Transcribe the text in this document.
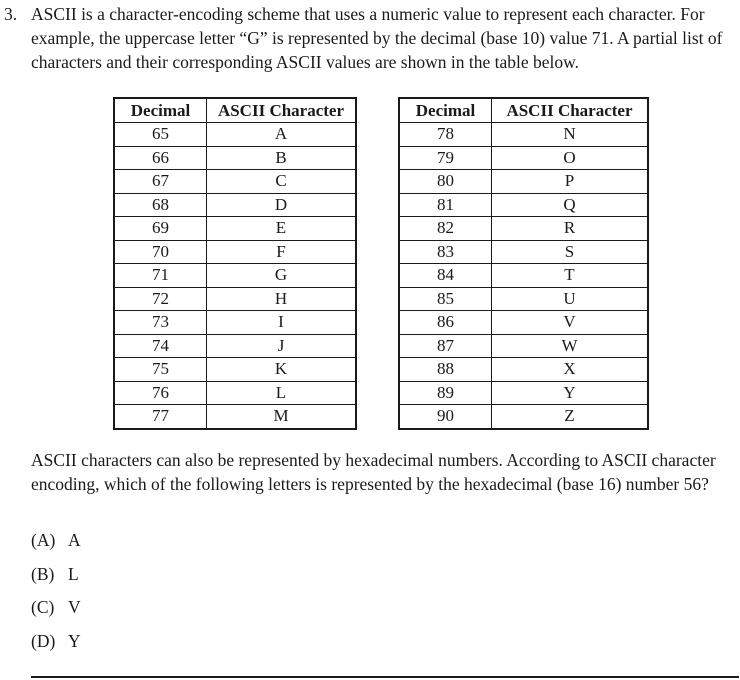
3. ASCII is a character-encoding scheme that uses a numeric value to represent each character. For example, the uppercase letter “G” is represented by the decimal (base 10) value 71. A partial list of characters and their corresponding ASCII values are shown in the table below.
Decimal	ASCII Character
65	A
66	B
67	C
68	D
69	E
70	F
71	G
72	H
73	I
74	J
75	K
76	L
77	M
Decimal	ASCII Character
78	N
79	O
80	P
81	Q
82	R
83	S
84	T
85	U
86	V
87	W
88	X
89	Y
90	Z
ASCII characters can also be represented by hexadecimal numbers. According to ASCII character encoding, which of the following letters is represented by the hexadecimal (base 16) number 56?
(A) A
(B) L
(C) V
(D) Y
